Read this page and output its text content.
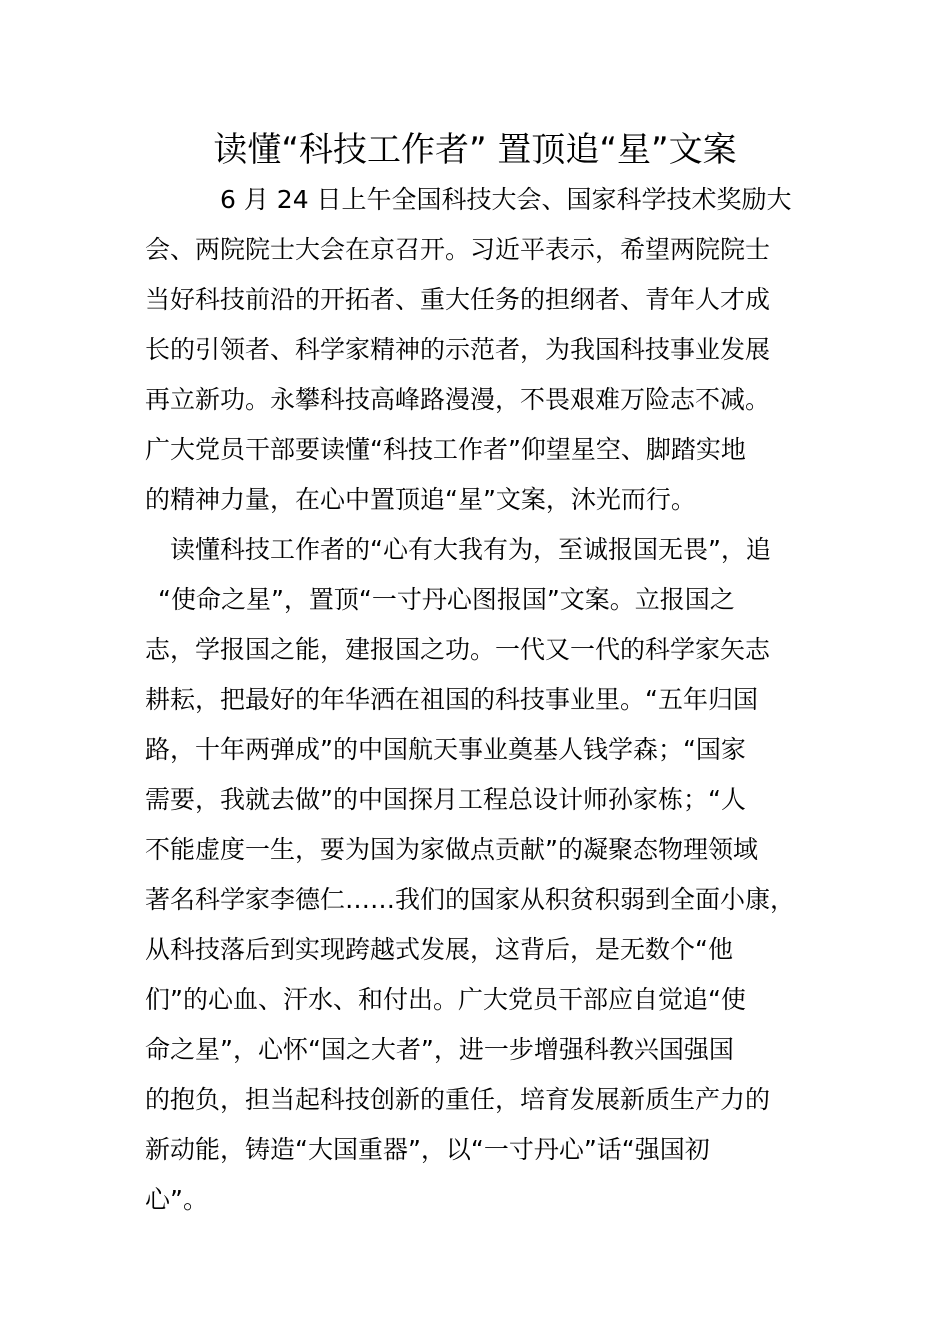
读懂“科技工作者” 置顶追“星”文案
6 月 24 日上午全国科技大会、国家科学技术奖励大
会、两院院士大会在京召开。习近平表示，希望两院院士
当好科技前沿的开拓者、重大任务的担纲者、青年人才成
长的引领者、科学家精神的示范者，为我国科技事业发展
再立新功。永攀科技高峰路漫漫，不畏艰难万险志不减。
广大党员干部要读懂“科技工作者”仰望星空、脚踏实地
的精神力量，在心中置顶追“星”文案，沐光而行。
读懂科技工作者的“心有大我有为，至诚报国无畏”，追
“使命之星”，置顶“一寸丹心图报国”文案。立报国之
志，学报国之能，建报国之功。一代又一代的科学家矢志
耕耘，把最好的年华洒在祖国的科技事业里。“五年归国
路，十年两弹成”的中国航天事业奠基人钱学森；“国家
需要，我就去做”的中国探月工程总设计师孙家栋；“人
不能虚度一生，要为国为家做点贡献”的凝聚态物理领域
著名科学家李德仁……我们的国家从积贫积弱到全面小康，
从科技落后到实现跨越式发展，这背后，是无数个“他
们”的心血、汗水、和付出。广大党员干部应自觉追“使
命之星”，心怀“国之大者”，进一步增强科教兴国强国
的抱负，担当起科技创新的重任，培育发展新质生产力的
新动能，铸造“大国重器”，以“一寸丹心”话“强国初
心”。
